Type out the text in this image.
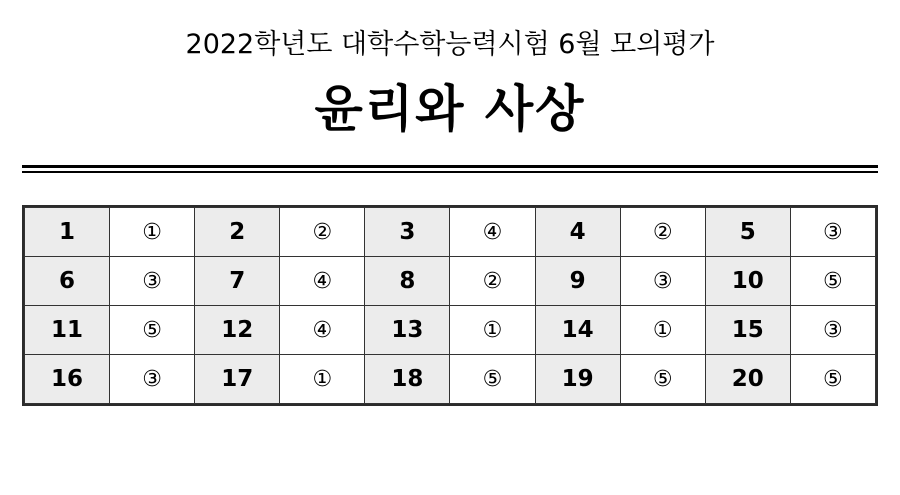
2022학년도 대학수학능력시험 6월 모의평가
윤리와 사상
1	①	2	②	3	④	4	②	5	③
6	③	7	④	8	②	9	③	10	⑤
11	⑤	12	④	13	①	14	①	15	③
16	③	17	①	18	⑤	19	⑤	20	⑤
